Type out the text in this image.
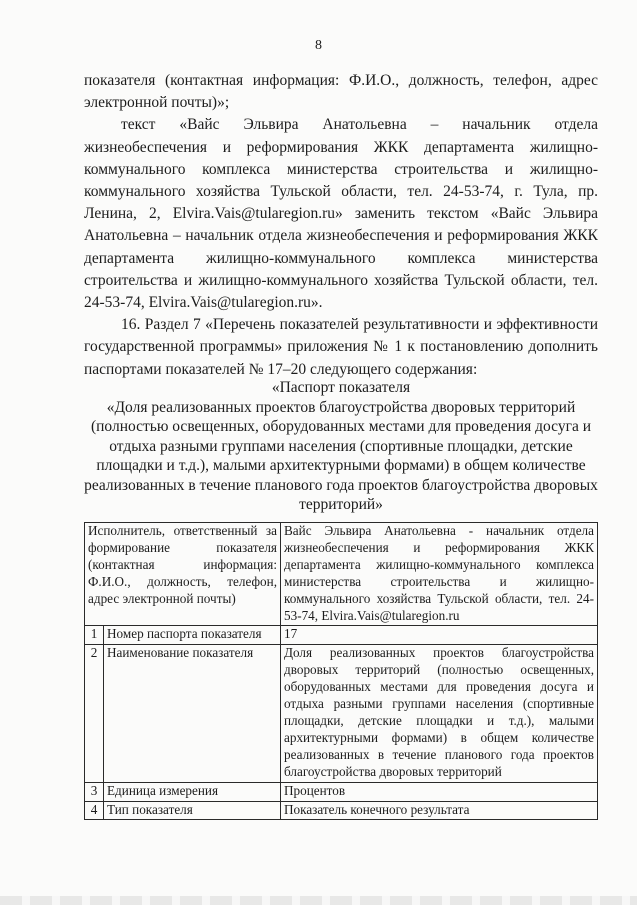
8

показателя (контактная информация: Ф.И.О., должность, телефон, адрес электронной почты)»;

текст «Вайс Эльвира Анатольевна – начальник отдела жизнеобеспечения и реформирования ЖКК департамента жилищно-коммунального комплекса министерства строительства и жилищно-коммунального хозяйства Тульской области, тел. 24-53-74, г. Тула, пр. Ленина, 2, Elvira.Vais@tularegion.ru» заменить текстом «Вайс Эльвира Анатольевна – начальник отдела жизнеобеспечения и реформирования ЖКК департамента жилищно-коммунального комплекса министерства строительства и жилищно-коммунального хозяйства Тульской области, тел. 24-53-74, Elvira.Vais@tularegion.ru».

16. Раздел 7 «Перечень показателей результативности и эффективности государственной программы» приложения № 1 к постановлению дополнить паспортами показателей № 17–20 следующего содержания:

«Паспорт показателя

«Доля реализованных проектов благоустройства дворовых территорий (полностью освещенных, оборудованных местами для проведения досуга и отдыха разными группами населения (спортивные площадки, детские площадки и т.д.), малыми архитектурными формами) в общем количестве реализованных в течение планового года проектов благоустройства дворовых территорий»

Исполнитель, ответственный за формирование показателя (контактная информация: Ф.И.О., должность, телефон, адрес электронной почты)		Вайс Эльвира Анатольевна - начальник отдела жизнеобеспечения и реформирования ЖКК департамента жилищно-коммунального комплекса министерства строительства и жилищно-коммунального хозяйства Тульской области, тел. 24-53-74, Elvira.Vais@tularegion.ru
1	Номер паспорта показателя	17
2	Наименование показателя	Доля реализованных проектов благоустройства дворовых территорий (полностью освещенных, оборудованных местами для проведения досуга и отдыха разными группами населения (спортивные площадки, детские площадки и т.д.), малыми архитектурными формами) в общем количестве реализованных в течение планового года проектов благоустройства дворовых территорий
3	Единица измерения	Процентов
4	Тип показателя	Показатель конечного результата
